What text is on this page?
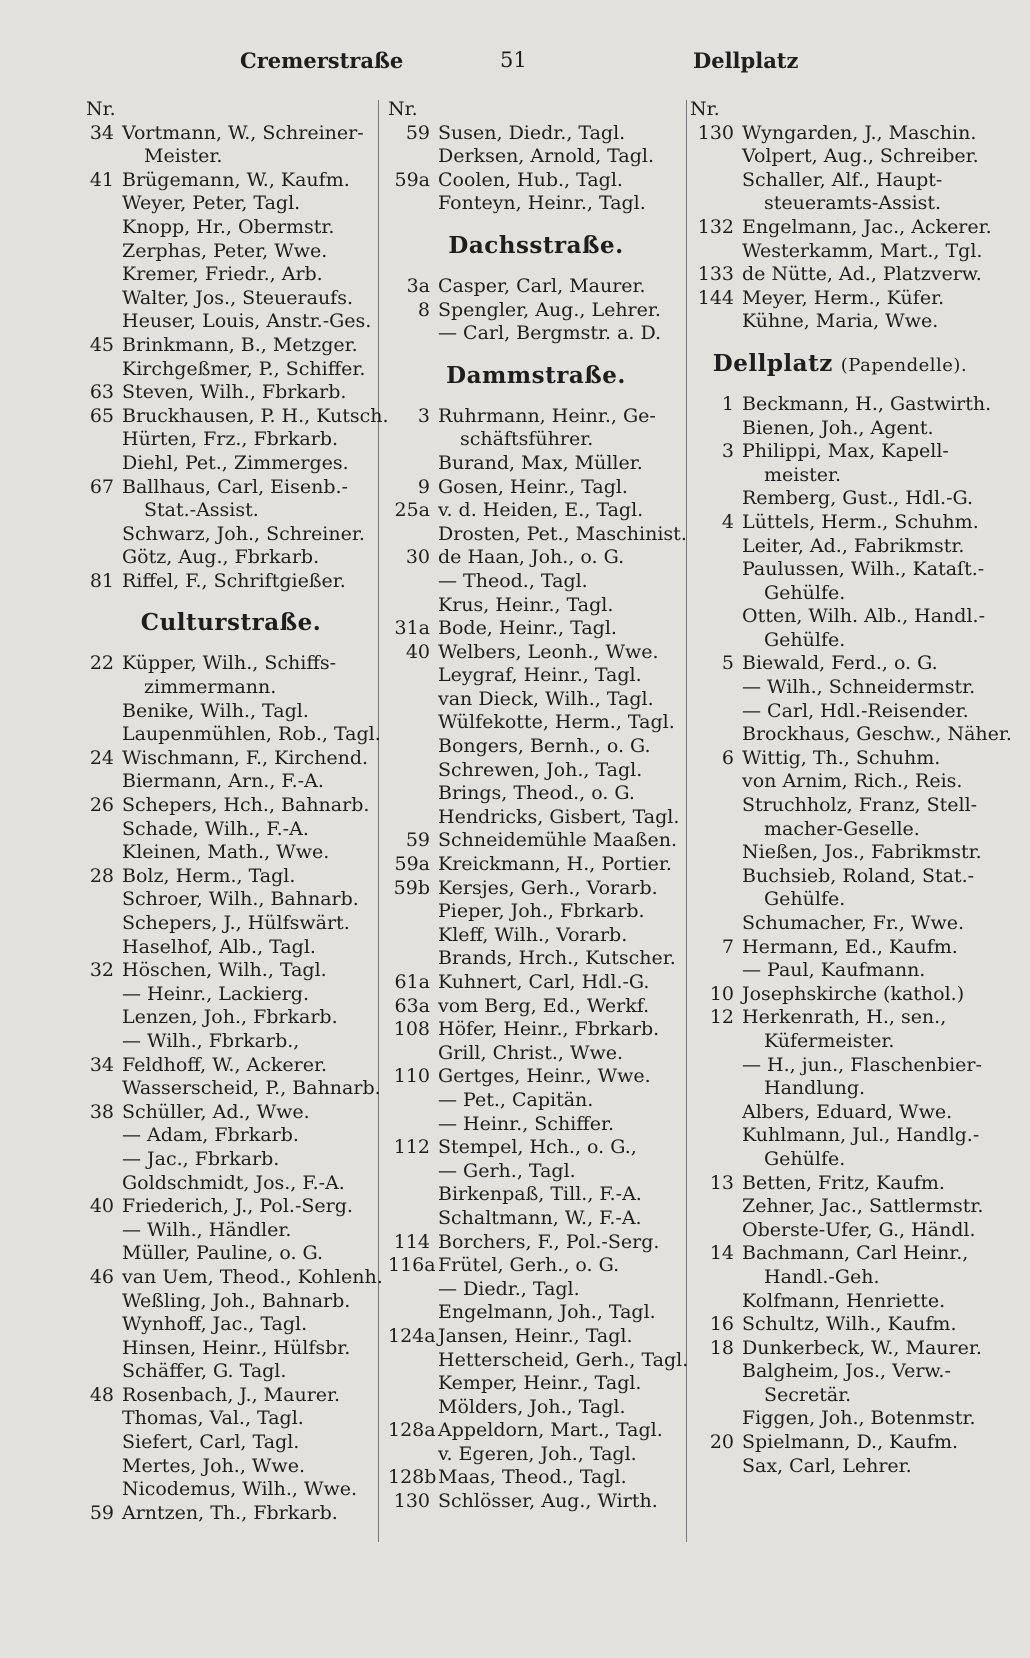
Cremerstraße	51	Dellplatz
Nr.
34 Vortmann, W., Schreiner-
Meister.
41 Brügemann, W., Kaufm.
Weyer, Peter, Tagl.
Knopp, Hr., Obermstr.
Zerphas, Peter, Wwe.
Kremer, Friedr., Arb.
Walter, Jos., Steueraufs.
Heuser, Louis, Anstr.-Ges.
45 Brinkmann, B., Metzger.
Kirchgeßmer, P., Schiffer.
63 Steven, Wilh., Fbrkarb.
65 Bruckhausen, P. H., Kutsch.
Hürten, Frz., Fbrkarb.
Diehl, Pet., Zimmerges.
67 Ballhaus, Carl, Eisenb.-
Stat.-Assist.
Schwarz, Joh., Schreiner.
Götz, Aug., Fbrkarb.
81 Riffel, F., Schriftgießer.
Culturstraße.
22 Küpper, Wilh., Schiffs-
zimmermann.
Benike, Wilh., Tagl.
Laupenmühlen, Rob., Tagl.
24 Wischmann, F., Kirchend.
Biermann, Arn., F.-A.
26 Schepers, Hch., Bahnarb.
Schade, Wilh., F.-A.
Kleinen, Math., Wwe.
28 Bolz, Herm., Tagl.
Schroer, Wilh., Bahnarb.
Schepers, J., Hülfswärt.
Haselhof, Alb., Tagl.
32 Höschen, Wilh., Tagl.
— Heinr., Lackierg.
Lenzen, Joh., Fbrkarb.
— Wilh., Fbrkarb.,
34 Feldhoff, W., Ackerer.
Wasserscheid, P., Bahnarb.
38 Schüller, Ad., Wwe.
— Adam, Fbrkarb.
— Jac., Fbrkarb.
Goldschmidt, Jos., F.-A.
40 Friederich, J., Pol.-Serg.
— Wilh., Händler.
Müller, Pauline, o. G.
46 van Uem, Theod., Kohlenh.
Weßling, Joh., Bahnarb.
Wynhoff, Jac., Tagl.
Hinsen, Heinr., Hülfsbr.
Schäffer, G. Tagl.
48 Rosenbach, J., Maurer.
Thomas, Val., Tagl.
Siefert, Carl, Tagl.
Mertes, Joh., Wwe.
Nicodemus, Wilh., Wwe.
59 Arntzen, Th., Fbrkarb.
Nr.
59 Susen, Diedr., Tagl.
Derksen, Arnold, Tagl.
59a Coolen, Hub., Tagl.
Fonteyn, Heinr., Tagl.
Dachsstraße.
3a Casper, Carl, Maurer.
8 Spengler, Aug., Lehrer.
— Carl, Bergmstr. a. D.
Dammstraße.
3 Ruhrmann, Heinr., Ge-
schäftsführer.
Burand, Max, Müller.
9 Gosen, Heinr., Tagl.
25a v. d. Heiden, E., Tagl.
Drosten, Pet., Maschinist.
30 de Haan, Joh., o. G.
— Theod., Tagl.
Krus, Heinr., Tagl.
31a Bode, Heinr., Tagl.
40 Welbers, Leonh., Wwe.
Leygraf, Heinr., Tagl.
van Dieck, Wilh., Tagl.
Wülfekotte, Herm., Tagl.
Bongers, Bernh., o. G.
Schrewen, Joh., Tagl.
Brings, Theod., o. G.
Hendricks, Gisbert, Tagl.
59 Schneidemühle Maaßen.
59a Kreickmann, H., Portier.
59b Kersjes, Gerh., Vorarb.
Pieper, Joh., Fbrkarb.
Kleff, Wilh., Vorarb.
Brands, Hrch., Kutscher.
61a Kuhnert, Carl, Hdl.-G.
63a vom Berg, Ed., Werkf.
108 Höfer, Heinr., Fbrkarb.
Grill, Christ., Wwe.
110 Gertges, Heinr., Wwe.
— Pet., Capitän.
— Heinr., Schiffer.
112 Stempel, Hch., o. G.,
— Gerh., Tagl.
Birkenpaß, Till., F.-A.
Schaltmann, W., F.-A.
114 Borchers, F., Pol.-Serg.
116a Frütel, Gerh., o. G.
— Diedr., Tagl.
Engelmann, Joh., Tagl.
124a Jansen, Heinr., Tagl.
Hetterscheid, Gerh., Tagl.
Kemper, Heinr., Tagl.
Mölders, Joh., Tagl.
128a Appeldorn, Mart., Tagl.
v. Egeren, Joh., Tagl.
128b Maas, Theod., Tagl.
130 Schlösser, Aug., Wirth.
Nr.
130 Wyngarden, J., Maschin.
Volpert, Aug., Schreiber.
Schaller, Alf., Haupt-
steueramts-Assist.
132 Engelmann, Jac., Ackerer.
Westerkamm, Mart., Tgl.
133 de Nütte, Ad., Platzverw.
144 Meyer, Herm., Küfer.
Kühne, Maria, Wwe.
Dellplatz (Papendelle).
1 Beckmann, H., Gastwirth.
Bienen, Joh., Agent.
3 Philippi, Max, Kapell-
meister.
Remberg, Gust., Hdl.-G.
4 Lüttels, Herm., Schuhm.
Leiter, Ad., Fabrikmstr.
Paulussen, Wilh., Kataſt.-
Gehülfe.
Otten, Wilh. Alb., Handl.-
Gehülfe.
5 Biewald, Ferd., o. G.
— Wilh., Schneidermstr.
— Carl, Hdl.-Reisender.
Brockhaus, Geschw., Näher.
6 Wittig, Th., Schuhm.
von Arnim, Rich., Reis.
Struchholz, Franz, Stell-
macher-Geselle.
Nießen, Jos., Fabrikmstr.
Buchsieb, Roland, Stat.-
Gehülfe.
Schumacher, Fr., Wwe.
7 Hermann, Ed., Kaufm.
— Paul, Kaufmann.
10 Josephskirche (kathol.)
12 Herkenrath, H., sen.,
Küfermeister.
— H., jun., Flaschenbier-
Handlung.
Albers, Eduard, Wwe.
Kuhlmann, Jul., Handlg.-
Gehülfe.
13 Betten, Fritz, Kaufm.
Zehner, Jac., Sattlermstr.
Oberste-Ufer, G., Händl.
14 Bachmann, Carl Heinr.,
Handl.-Geh.
Kolfmann, Henriette.
16 Schultz, Wilh., Kaufm.
18 Dunkerbeck, W., Maurer.
Balgheim, Jos., Verw.-
Secretär.
Figgen, Joh., Botenmstr.
20 Spielmann, D., Kaufm.
Sax, Carl, Lehrer.
